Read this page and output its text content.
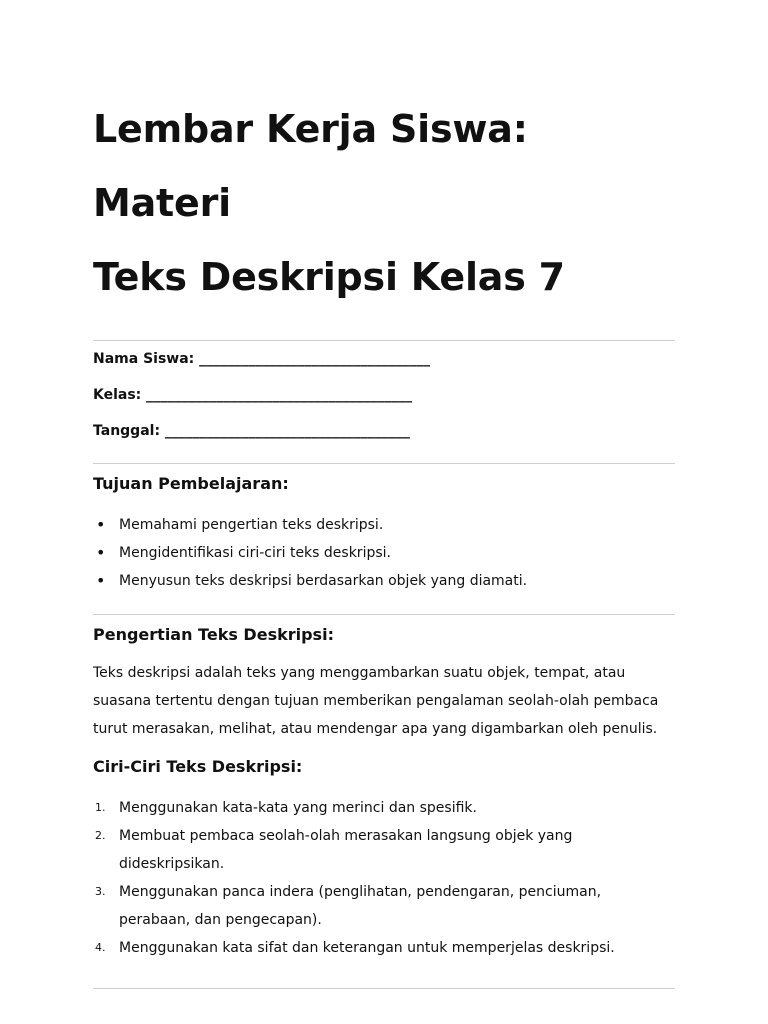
Lembar Kerja Siswa: Materi
Teks Deskripsi Kelas 7
Nama Siswa: _________________________________
Kelas: ______________________________________
Tanggal: ___________________________________
Tujuan Pembelajaran:
• Memahami pengertian teks deskripsi.
• Mengidentifikasi ciri-ciri teks deskripsi.
• Menyusun teks deskripsi berdasarkan objek yang diamati.
Pengertian Teks Deskripsi:
Teks deskripsi adalah teks yang menggambarkan suatu objek, tempat, atau
suasana tertentu dengan tujuan memberikan pengalaman seolah-olah pembaca
turut merasakan, melihat, atau mendengar apa yang digambarkan oleh penulis.
Ciri-Ciri Teks Deskripsi:
1. Menggunakan kata-kata yang merinci dan spesifik.
2. Membuat pembaca seolah-olah merasakan langsung objek yang
dideskripsikan.
3. Menggunakan panca indera (penglihatan, pendengaran, penciuman,
perabaan, dan pengecapan).
4. Menggunakan kata sifat dan keterangan untuk memperjelas deskripsi.
